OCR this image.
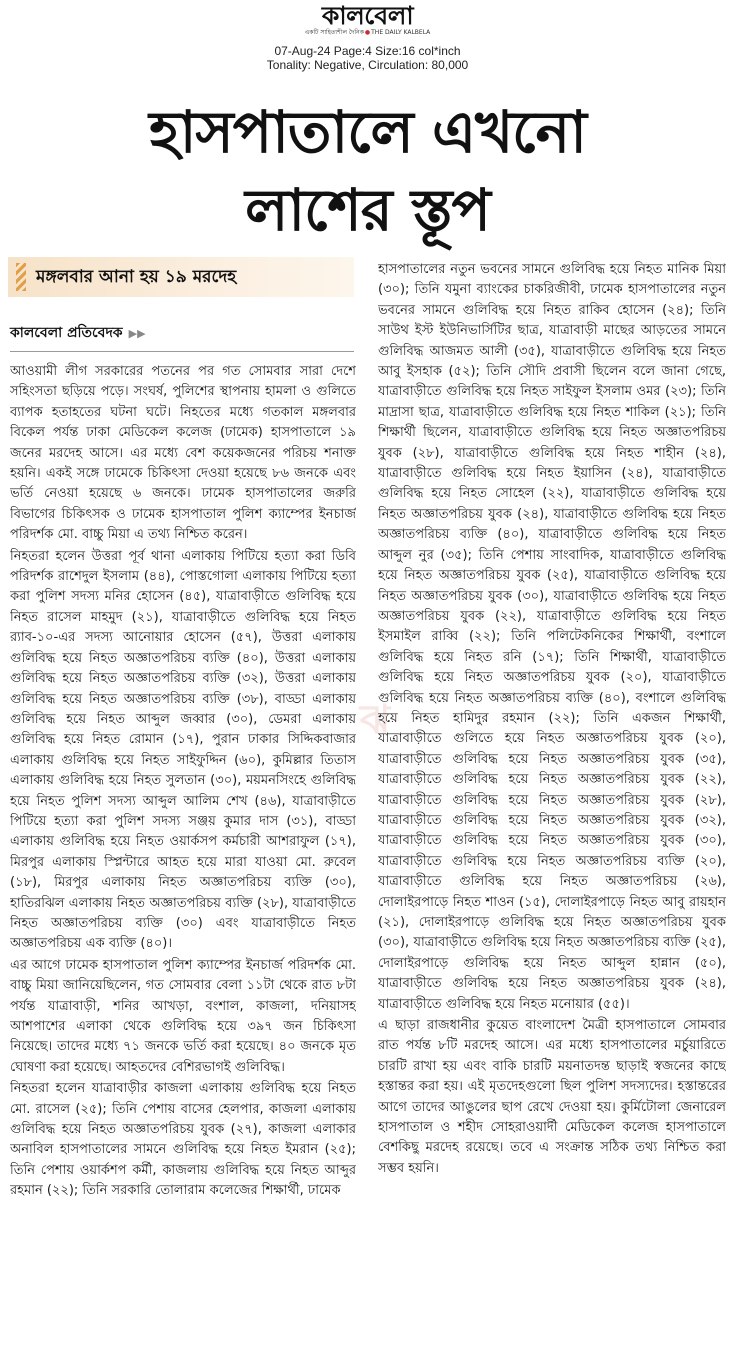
কালবেলা
একটি সাহিত্যশীল দৈনিক●THE DAILY KALBELA
07-Aug-24 Page:4 Size:16 col*inch
Tonality: Negative, Circulation: 80,000
হাসপাতালে এখনো
লাশের স্তূপ
মঙ্গলবার আনা হয় ১৯ মরদেহ
কালবেলা প্রতিবেদক ▶▶
ঝ

আওয়ামী লীগ সরকারের পতনের পর গত সোমবার সারা দেশে সহিংসতা ছড়িয়ে পড়ে। সংঘর্ষ, পুলিশের স্থাপনায় হামলা ও গুলিতে ব্যাপক হতাহতের ঘটনা ঘটে। নিহতের মধ্যে গতকাল মঙ্গলবার বিকেল পর্যন্ত ঢাকা মেডিকেল কলেজ (ঢামেক) হাসপাতালে ১৯ জনের মরদেহ আসে। এর মধ্যে বেশ কয়েকজনের পরিচয় শনাক্ত হয়নি। একই সঙ্গে ঢামেকে চিকিৎসা দেওয়া হয়েছে ৮৬ জনকে এবং ভর্তি নেওয়া হয়েছে ৬ জনকে। ঢামেক হাসপাতালের জরুরি বিভাগের চিকিৎসক ও ঢামেক হাসপাতাল পুলিশ ক্যাম্পের ইনচার্জ পরিদর্শক মো. বাচ্চু মিয়া এ তথ্য নিশ্চিত করেন।

নিহতরা হলেন উত্তরা পূর্ব থানা এলাকায় পিটিয়ে হত্যা করা ডিবি পরিদর্শক রাশেদুল ইসলাম (৪৪), পোস্তগোলা এলাকায় পিটিয়ে হত্যা করা পুলিশ সদস্য মনির হোসেন (৪৫), যাত্রাবাড়ীতে গুলিবিদ্ধ হয়ে নিহত রাসেল মাহমুদ (২১), যাত্রাবাড়ীতে গুলিবিদ্ধ হয়ে নিহত র‍্যাব-১০-এর সদস্য আনোয়ার হোসেন (৫৭), উত্তরা এলাকায় গুলিবিদ্ধ হয়ে নিহত অজ্ঞাতপরিচয় ব্যক্তি (৪০), উত্তরা এলাকায় গুলিবিদ্ধ হয়ে নিহত অজ্ঞাতপরিচয় ব্যক্তি (৩২), উত্তরা এলাকায় গুলিবিদ্ধ হয়ে নিহত অজ্ঞাতপরিচয় ব্যক্তি (৩৮), বাড্ডা এলাকায় গুলিবিদ্ধ হয়ে নিহত আব্দুল জব্বার (৩০), ডেমরা এলাকায় গুলিবিদ্ধ হয়ে নিহত রোমান (১৭), পুরান ঢাকার সিদ্দিকবাজার এলাকায় গুলিবিদ্ধ হয়ে নিহত সাইফুদ্দিন (৬০), কুমিল্লার তিতাস এলাকায় গুলিবিদ্ধ হয়ে নিহত সুলতান (৩০), ময়মনসিংহে গুলিবিদ্ধ হয়ে নিহত পুলিশ সদস্য আব্দুল আলিম শেখ (৪৬), যাত্রাবাড়ীতে পিটিয়ে হত্যা করা পুলিশ সদস্য সঞ্জয় কুমার দাস (৩১), বাড্ডা এলাকায় গুলিবিদ্ধ হয়ে নিহত ওয়ার্কসপ কর্মচারী আশরাফুল (১৭), মিরপুর এলাকায় স্প্লিন্টারে আহত হয়ে মারা যাওয়া মো. রুবেল (১৮), মিরপুর এলাকায় নিহত অজ্ঞাতপরিচয় ব্যক্তি (৩০), হাতিরঝিল এলাকায় নিহত অজ্ঞাতপরিচয় ব্যক্তি (২৮), যাত্রাবাড়ীতে নিহত অজ্ঞাতপরিচয় ব্যক্তি (৩০) এবং যাত্রাবাড়ীতে নিহত অজ্ঞাতপরিচয় এক ব্যক্তি (৪০)।

এর আগে ঢামেক হাসপাতাল পুলিশ ক্যাম্পের ইনচার্জ পরিদর্শক মো. বাচ্চু মিয়া জানিয়েছিলেন, গত সোমবার বেলা ১১টা থেকে রাত ৮টা পর্যন্ত যাত্রাবাড়ী, শনির আখড়া, বংশাল, কাজলা, দনিয়াসহ আশপাশের এলাকা থেকে গুলিবিদ্ধ হয়ে ৩৯৭ জন চিকিৎসা নিয়েছে। তাদের মধ্যে ৭১ জনকে ভর্তি করা হয়েছে। ৪০ জনকে মৃত ঘোষণা করা হয়েছে। আহতদের বেশিরভাগই গুলিবিদ্ধ।

নিহতরা হলেন যাত্রাবাড়ীর কাজলা এলাকায় গুলিবিদ্ধ হয়ে নিহত মো. রাসেল (২৫); তিনি পেশায় বাসের হেলপার, কাজলা এলাকায় গুলিবিদ্ধ হয়ে নিহত অজ্ঞাতপরিচয় যুবক (২৭), কাজলা এলাকার অনাবিল হাসপাতালের সামনে গুলিবিদ্ধ হয়ে নিহত ইমরান (২৫); তিনি পেশায় ওয়ার্কশপ কর্মী, কাজলায় গুলিবিদ্ধ হয়ে নিহত আব্দুর রহমান (২২); তিনি সরকারি তোলারাম কলেজের শিক্ষার্থী, ঢামেক

হাসপাতালের নতুন ভবনের সামনে গুলিবিদ্ধ হয়ে নিহত মানিক মিয়া (৩০); তিনি যমুনা ব্যাংকের চাকরিজীবী, ঢামেক হাসপাতালের নতুন ভবনের সামনে গুলিবিদ্ধ হয়ে নিহত রাকিব হোসেন (২৪); তিনি সাউথ ইস্ট ইউনিভার্সিটির ছাত্র, যাত্রাবাড়ী মাছের আড়তের সামনে গুলিবিদ্ধ আজমত আলী (৩৫), যাত্রাবাড়ীতে গুলিবিদ্ধ হয়ে নিহত আবু ইসহাক (৫২); তিনি সৌদি প্রবাসী ছিলেন বলে জানা গেছে, যাত্রাবাড়ীতে গুলিবিদ্ধ হয়ে নিহত সাইফুল ইসলাম ওমর (২৩); তিনি মাদ্রাসা ছাত্র, যাত্রাবাড়ীতে গুলিবিদ্ধ হয়ে নিহত শাকিল (২১); তিনি শিক্ষার্থী ছিলেন, যাত্রাবাড়ীতে গুলিবিদ্ধ হয়ে নিহত অজ্ঞাতপরিচয় যুবক (২৮), যাত্রাবাড়ীতে গুলিবিদ্ধ হয়ে নিহত শাহীন (২৪), যাত্রাবাড়ীতে গুলিবিদ্ধ হয়ে নিহত ইয়াসিন (২৪), যাত্রাবাড়ীতে গুলিবিদ্ধ হয়ে নিহত সোহেল (২২), যাত্রাবাড়ীতে গুলিবিদ্ধ হয়ে নিহত অজ্ঞাতপরিচয় যুবক (২৪), যাত্রাবাড়ীতে গুলিবিদ্ধ হয়ে নিহত অজ্ঞাতপরিচয় ব্যক্তি (৪০), যাত্রাবাড়ীতে গুলিবিদ্ধ হয়ে নিহত আব্দুল নুর (৩৫); তিনি পেশায় সাংবাদিক, যাত্রাবাড়ীতে গুলিবিদ্ধ হয়ে নিহত অজ্ঞাতপরিচয় যুবক (২৫), যাত্রাবাড়ীতে গুলিবিদ্ধ হয়ে নিহত অজ্ঞাতপরিচয় যুবক (৩০), যাত্রাবাড়ীতে গুলিবিদ্ধ হয়ে নিহত অজ্ঞাতপরিচয় যুবক (২২), যাত্রাবাড়ীতে গুলিবিদ্ধ হয়ে নিহত ইসমাইল রাব্বি (২২); তিনি পলিটেকনিকের শিক্ষার্থী, বংশালে গুলিবিদ্ধ হয়ে নিহত রনি (১৭); তিনি শিক্ষার্থী, যাত্রাবাড়ীতে গুলিবিদ্ধ হয়ে নিহত অজ্ঞাতপরিচয় যুবক (২০), যাত্রাবাড়ীতে গুলিবিদ্ধ হয়ে নিহত অজ্ঞাতপরিচয় ব্যক্তি (৪০), বংশালে গুলিবিদ্ধ হয়ে নিহত হামিদুর রহমান (২২); তিনি একজন শিক্ষার্থী, যাত্রাবাড়ীতে গুলিতে হয়ে নিহত অজ্ঞাতপরিচয় যুবক (২০), যাত্রাবাড়ীতে গুলিবিদ্ধ হয়ে নিহত অজ্ঞাতপরিচয় যুবক (৩৫), যাত্রাবাড়ীতে গুলিবিদ্ধ হয়ে নিহত অজ্ঞাতপরিচয় যুবক (২২), যাত্রাবাড়ীতে গুলিবিদ্ধ হয়ে নিহত অজ্ঞাতপরিচয় যুবক (২৮), যাত্রাবাড়ীতে গুলিবিদ্ধ হয়ে নিহত অজ্ঞাতপরিচয় যুবক (৩২), যাত্রাবাড়ীতে গুলিবিদ্ধ হয়ে নিহত অজ্ঞাতপরিচয় যুবক (৩০), যাত্রাবাড়ীতে গুলিবিদ্ধ হয়ে নিহত অজ্ঞাতপরিচয় ব্যক্তি (২০), যাত্রাবাড়ীতে গুলিবিদ্ধ হয়ে নিহত অজ্ঞাতপরিচয় (২৬), দোলাইরপাড়ে নিহত শাওন (১৫), দোলাইরপাড়ে নিহত আবু রায়হান (২১), দোলাইরপাড়ে গুলিবিদ্ধ হয়ে নিহত অজ্ঞাতপরিচয় যুবক (৩০), যাত্রাবাড়ীতে গুলিবিদ্ধ হয়ে নিহত অজ্ঞাতপরিচয় ব্যক্তি (২৫), দোলাইরপাড়ে গুলিবিদ্ধ হয়ে নিহত আব্দুল হান্নান (৫০), যাত্রাবাড়ীতে গুলিবিদ্ধ হয়ে নিহত অজ্ঞাতপরিচয় যুবক (২৪), যাত্রাবাড়ীতে গুলিবিদ্ধ হয়ে নিহত মনোয়ার (৫৫)।

এ ছাড়া রাজধানীর কুয়েত বাংলাদেশ মৈত্রী হাসপাতালে সোমবার রাত পর্যন্ত ৮টি মরদেহ আসে। এর মধ্যে হাসপাতালের মর্চুয়ারিতে চারটি রাখা হয় এবং বাকি চারটি ময়নাতদন্ত ছাড়াই স্বজনের কাছে হস্তান্তর করা হয়। এই মৃতদেহগুলো ছিল পুলিশ সদস্যদের। হস্তান্তরের আগে তাদের আঙুলের ছাপ রেখে দেওয়া হয়। কুর্মিটোলা জেনারেল হাসপাতাল ও শহীদ সোহরাওয়ার্দী মেডিকেল কলেজ হাসপাতালে বেশকিছু মরদেহ রয়েছে। তবে এ সংক্রান্ত সঠিক তথ্য নিশ্চিত করা সম্ভব হয়নি।
